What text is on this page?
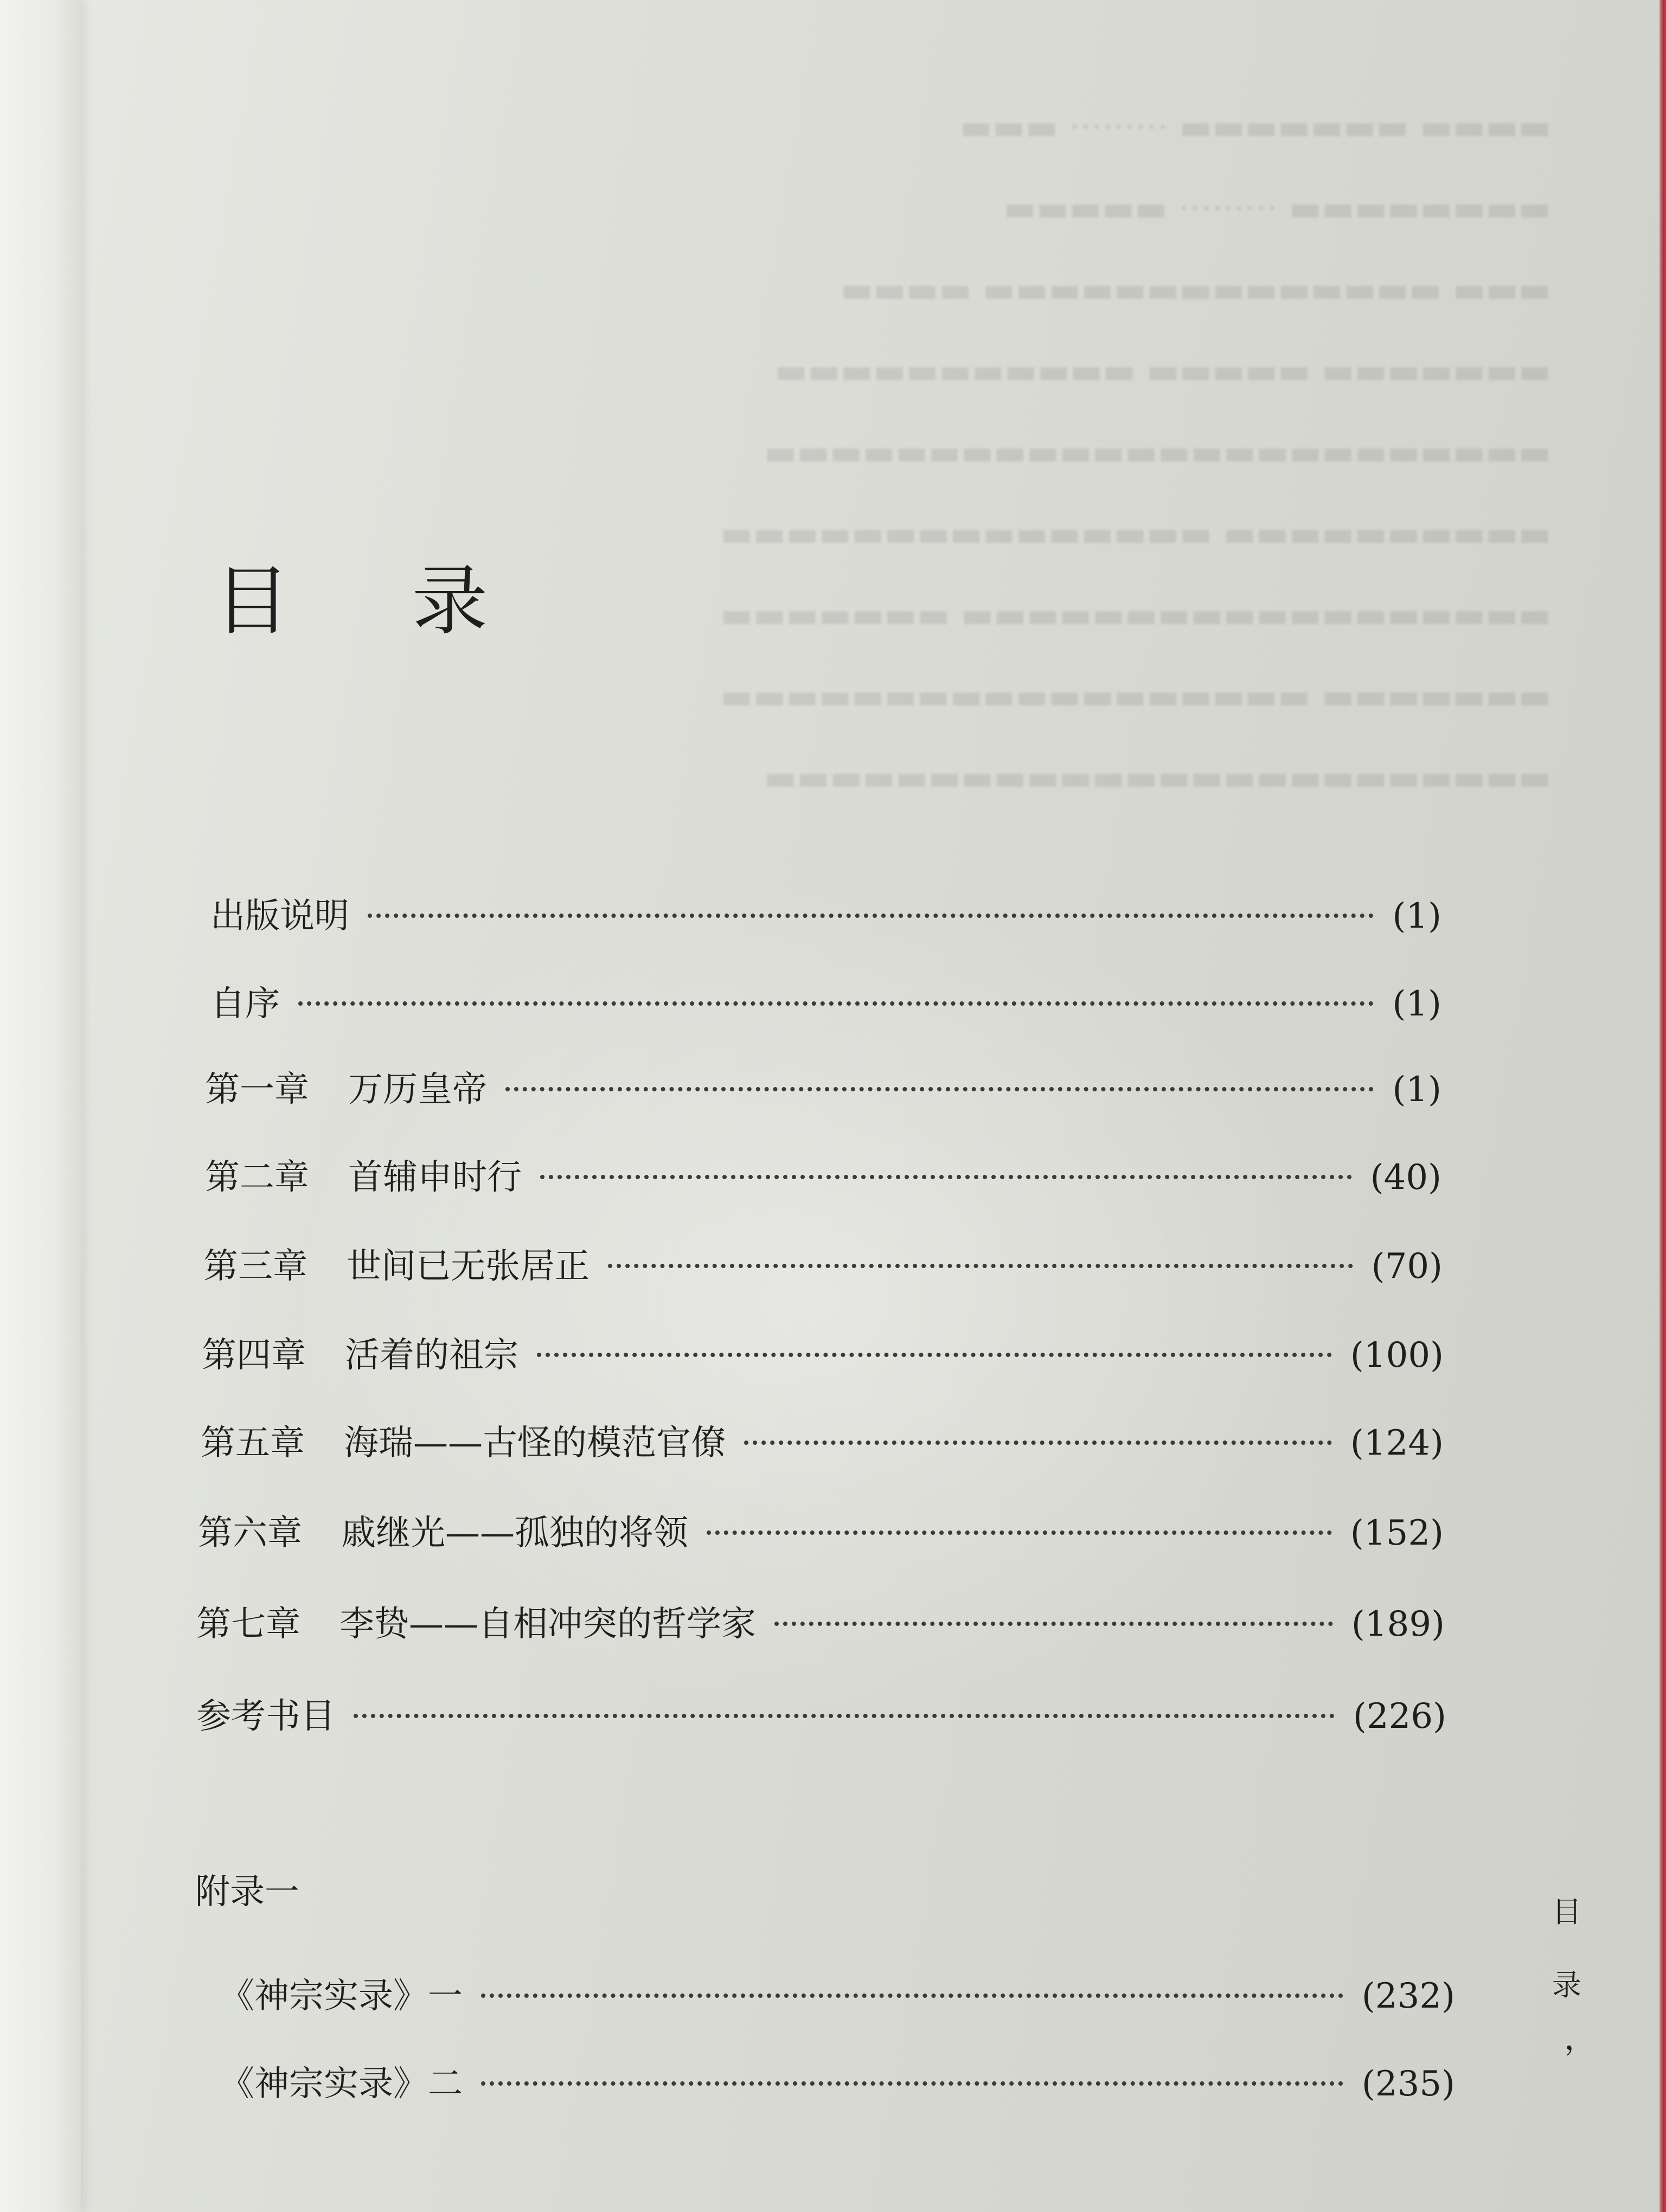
▬▬▬▬ ▬▬▬▬▬▬▬ ········· ▬▬▬
▬▬▬▬▬▬▬▬ ········· ▬▬▬▬▬
▬▬▬ ▬▬▬▬▬▬▬▬▬▬▬▬▬▬ ▬▬▬▬
▬▬▬▬▬▬▬ ▬▬▬▬▬ ▬▬▬▬▬▬▬▬▬▬▬
▬▬▬▬▬▬▬▬▬▬▬▬▬▬▬▬▬▬▬▬▬▬▬▬
▬▬▬▬▬▬▬▬▬▬ ▬▬▬▬▬▬▬▬▬▬▬▬▬▬▬
▬▬▬▬▬▬▬▬▬▬▬▬▬▬▬▬▬▬ ▬▬▬▬▬▬▬
▬▬▬▬▬▬▬ ▬▬▬▬▬▬▬▬▬▬▬▬▬▬▬▬▬▬
▬▬▬▬▬▬▬▬▬▬▬▬▬▬▬▬▬▬▬▬▬▬▬▬
目 录
出版说明	(1)
自序	(1)
第一章 万历皇帝	(1)
第二章 首辅申时行	(40)
第三章 世间已无张居正	(70)
第四章 活着的祖宗	(100)
第五章 海瑞——古怪的模范官僚	(124)
第六章 戚继光——孤独的将领	(152)
第七章 李贽——自相冲突的哲学家	(189)
参考书目	(226)
附录一
《神宗实录》一	(232)
《神宗实录》二	(235)
目
录
，
